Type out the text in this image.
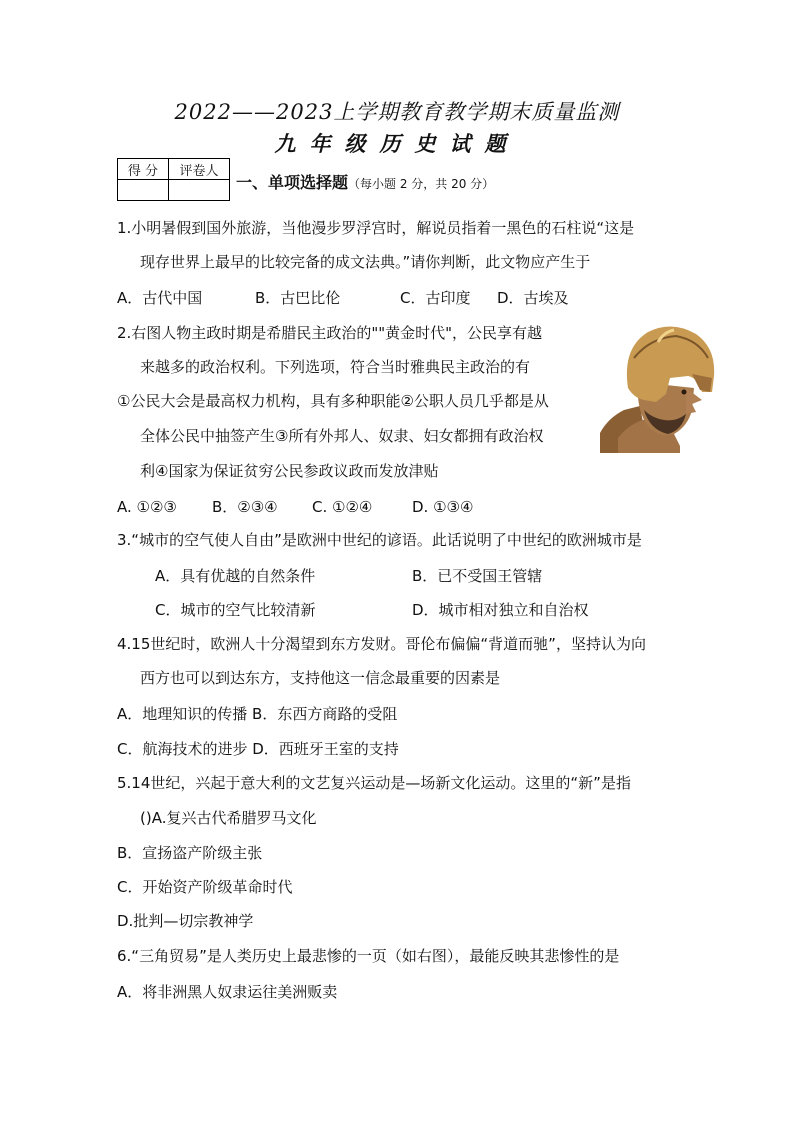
2022——2023上学期教育教学期末质量监测
九年级历史试题
得 分	评卷人

一、单项选择题（每小题 2 分，共 20 分）
1.小明暑假到国外旅游，当他漫步罗浮宫时，解说员指着一黑色的石柱说“这是
现存世界上最早的比较完备的成文法典。”请你判断，此文物应产生于
A．古代中国	B．古巴比伦	C．古印度 D．古埃及
2.右图人物主政时期是希腊民主政治的""黄金时代"，公民享有越
来越多的政治权利。下列选项，符合当时雅典民主政治的有
①公民大会是最高权力机构，具有多种职能②公职人员几乎都是从
全体公民中抽签产生③所有外邦人、奴隶、妇女都拥有政治权
利④国家为保证贫穷公民参政议政而发放津贴
A. ①②③ B．②③④ C. ①②④	D. ①③④
3.“城市的空气使人自由”是欧洲中世纪的谚语。此话说明了中世纪的欧洲城市是
A．具有优越的自然条件	B．已不受国王管辖
C．城市的空气比较清新	D．城市相对独立和自治权
4.15世纪时，欧洲人十分渴望到东方发财。哥伦布偏偏“背道而驰”，坚持认为向
西方也可以到达东方，支持他这一信念最重要的因素是
A．地理知识的传播 B．东西方商路的受阻
C．航海技术的进步 D．西班牙王室的支持
5.14世纪，兴起于意大利的文艺复兴运动是—场新文化运动。这里的“新”是指
()A.复兴古代希腊罗马文化
B．宣扬盗产阶级主张
C．开始资产阶级革命时代
D.批判—切宗教神学
6.“三角贸易”是人类历史上最悲惨的一页（如右图），最能反映其悲惨性的是
A．将非洲黑人奴隶运往美洲贩卖
